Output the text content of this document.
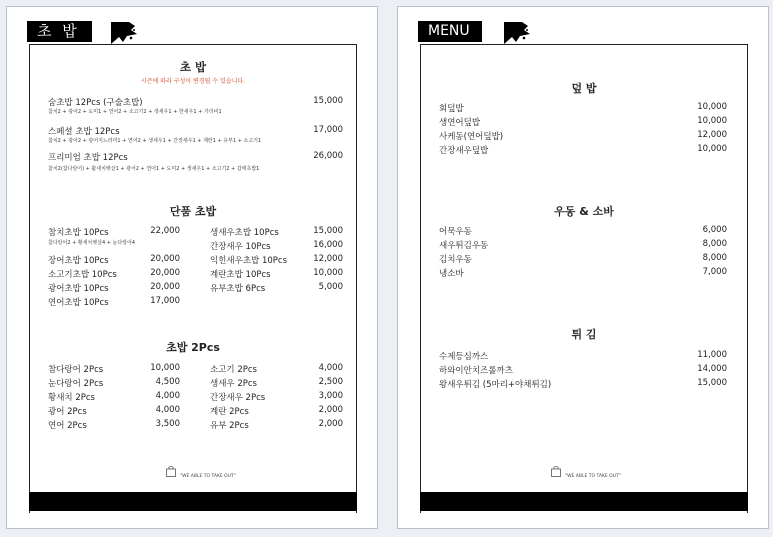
초 밥
초 밥
시즌에 따라 구성이 변경될 수 있습니다.
숨초밥 12Pcs (구술초밥)	15,000
참치2 + 광어2 + 도미1 + 연어2 + 소고기2 + 생새우1 + 한새우1 + 가리비1
스페셜 초밥 12Pcs	17,000
참치2 + 광어2 + 광어지느러미1 + 연어2 + 생새우1 + 간장새우1 + 계란1 + 유부1 + 소고기1
프리미엄 초밥 12Pcs	26,000
참치2(참다랑어) + 활새치뱃살1 + 광어2 + 연어1 + 도미2 + 생새우1 + 소고기2 + 갑태초밥1
단품 초밥
참치초밥 10Pcs	22,000
참다랑어2 + 황새치뱃살4 + 눈다랑어4
장어초밥 10Pcs	20,000
소고기초밥 10Pcs	20,000
광어초밥 10Pcs	20,000
연어초밥 10Pcs	17,000
생새우초밥 10Pcs	15,000
간장새우 10Pcs	16,000
익힌새우초밥 10Pcs	12,000
계란초밥 10Pcs	10,000
유부초밥 6Pcs	5,000
초밥 2Pcs
참다랑어 2Pcs	10,000
눈다랑어 2Pcs	4,500
황새치 2Pcs	4,000
광어 2Pcs	4,000
연어 2Pcs	3,500
소고기 2Pcs	4,000
생새우 2Pcs	2,500
간장새우 2Pcs	3,000
계란 2Pcs	2,000
유부 2Pcs	2,000
"WE ABLE TO TAKE OUT"
MENU
덮 밥
회덮밥	10,000
생연어덮밥	10,000
사케동(연어덮밥)	12,000
간장새우덮밥	10,000
우동 & 소바
어묵우동	6,000
새우튀김우동	8,000
김치우동	8,000
냉소바	7,000
튀 김
수제등심까스	11,000
하와이안치즈롤까츠	14,000
왕새우튀김 (5마리+야채튀김)	15,000
"WE ABLE TO TAKE OUT"
